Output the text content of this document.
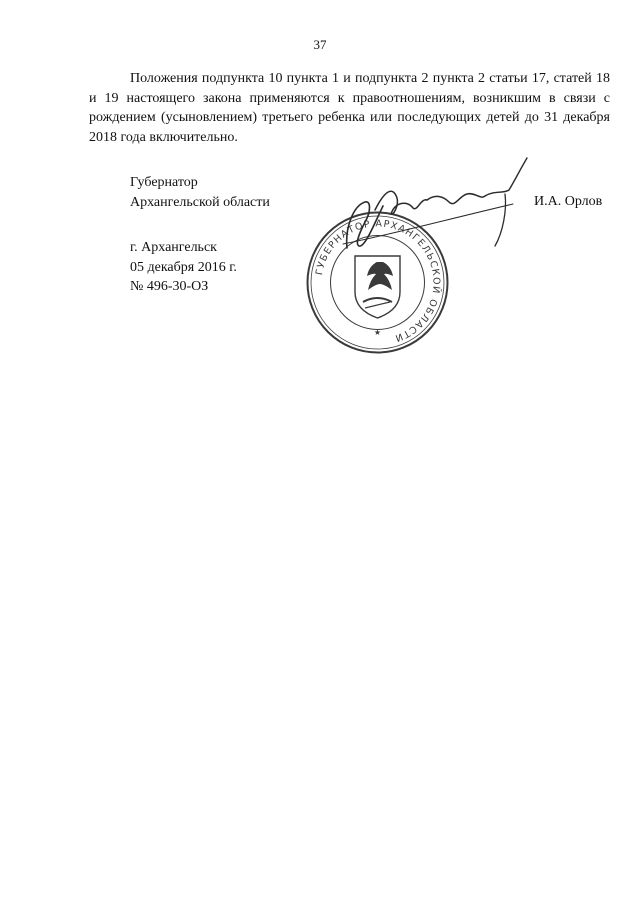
37

Положения подпункта 10 пункта 1 и подпункта 2 пункта 2 статьи 17, статей 18 и 19 настоящего закона применяются к правоотношениям, возникшим в связи с рождением (усыновлением) третьего ребенка или последующих детей до 31 декабря 2018 года включительно.

Губернатор
Архангельской области	И.А. Орлов
г. Архангельск
05 декабря 2016 г.
№ 496-30-ОЗ
ГУБЕРНАТОР АРХАНГЕЛЬСКОЙ ОБЛАСТИ
★
